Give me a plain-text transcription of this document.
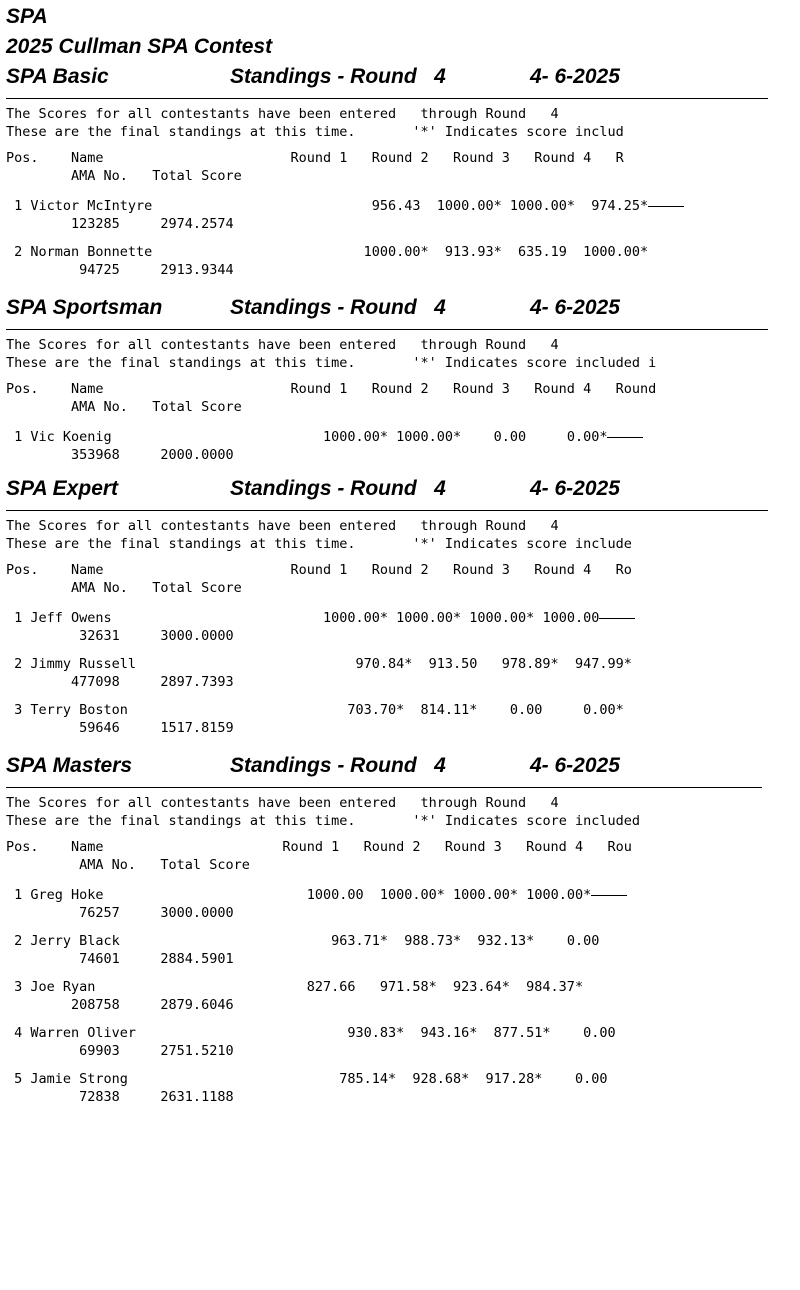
SPA
2025 Cullman SPA Contest
SPA Basic	Standings - Round   4	4- 6-2025
The Scores for all contestants have been entered   through Round   4
These are the final standings at this time.	'*' Indicates score includ
Pos.    Name                       Round 1   Round 2   Round 3   Round 4   R
AMA No.   Total Score
1 Victor McIntyre                           956.43  1000.00* 1000.00*  974.25*
123285     2974.2574
2 Norman Bonnette                          1000.00*  913.93*  635.19  1000.00*
94725     2913.9344
SPA Sportsman	Standings - Round   4	4- 6-2025
The Scores for all contestants have been entered   through Round   4
These are the final standings at this time.	'*' Indicates score included i
Pos.    Name                       Round 1   Round 2   Round 3   Round 4   Round
AMA No.   Total Score
1 Vic Koenig                          1000.00* 1000.00*    0.00     0.00*
353968     2000.0000
SPA Expert	Standings - Round   4	4- 6-2025
The Scores for all contestants have been entered   through Round   4
These are the final standings at this time.	'*' Indicates score include
Pos.    Name                       Round 1   Round 2   Round 3   Round 4   Ro
AMA No.   Total Score
1 Jeff Owens                          1000.00* 1000.00* 1000.00* 1000.00
32631     3000.0000
2 Jimmy Russell                           970.84*  913.50   978.89*  947.99*
477098     2897.7393
3 Terry Boston                           703.70*  814.11*    0.00     0.00*
59646     1517.8159
SPA Masters	Standings - Round   4	4- 6-2025
The Scores for all contestants have been entered   through Round   4
These are the final standings at this time.	'*' Indicates score included
Pos.    Name                      Round 1   Round 2   Round 3   Round 4   Rou
AMA No.   Total Score
1 Greg Hoke                         1000.00  1000.00* 1000.00* 1000.00*
76257     3000.0000
2 Jerry Black                          963.71*  988.73*  932.13*    0.00
74601     2884.5901
3 Joe Ryan                          827.66   971.58*  923.64*  984.37*
208758     2879.6046
4 Warren Oliver                          930.83*  943.16*  877.51*    0.00
69903     2751.5210
5 Jamie Strong                          785.14*  928.68*  917.28*    0.00
72838     2631.1188
